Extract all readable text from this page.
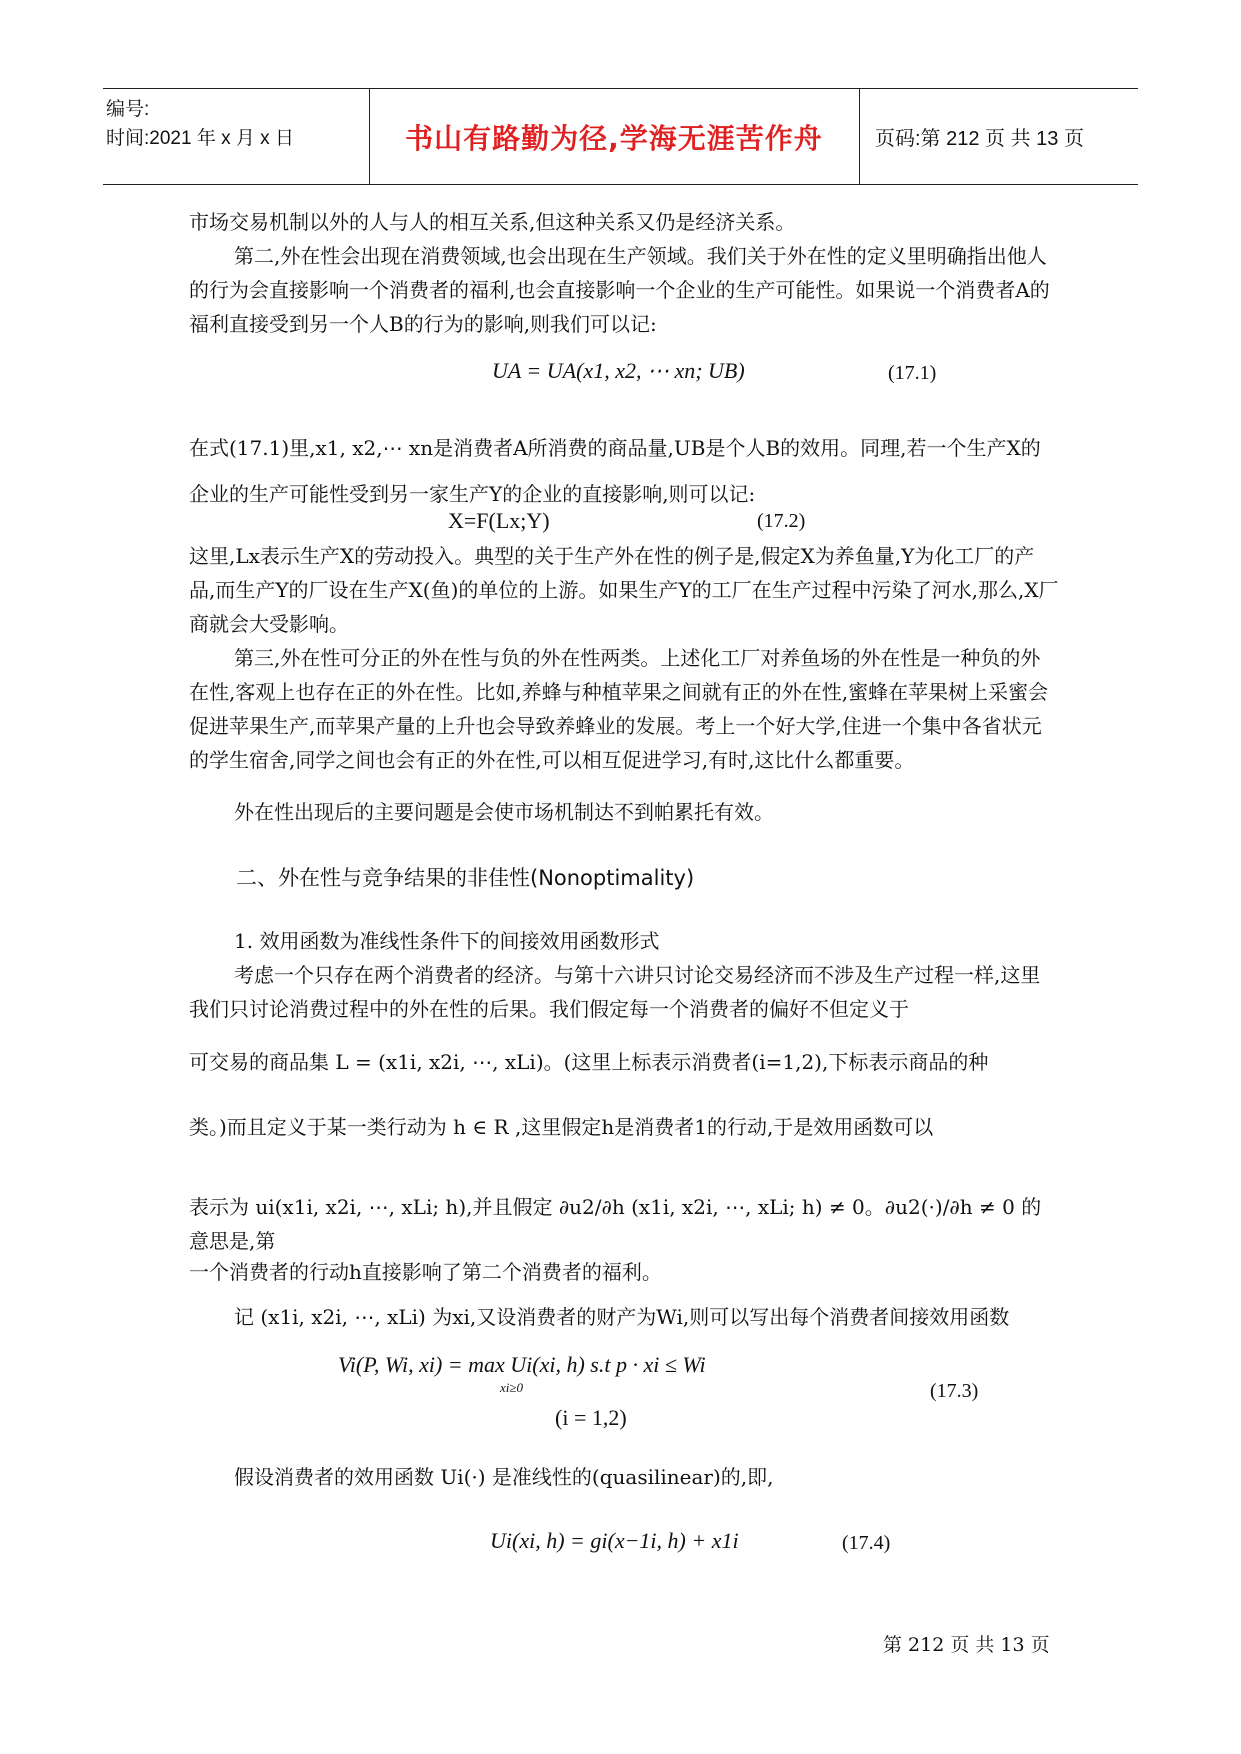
编号:
时间:2021 年 x 月 x 日	书山有路勤为径,学海无涯苦作舟	页码:第 212 页 共 13 页
市场交易机制以外的人与人的相互关系,但这种关系又仍是经济关系。
第二,外在性会出现在消费领域,也会出现在生产领域。我们关于外在性的定义里明确指出他人的行为会直接影响一个消费者的福利,也会直接影响一个企业的生产可能性。如果说一个消费者A的福利直接受到另一个人B的行为的影响,则我们可以记:
UA = UA(x1, x2, ⋯ xn; UB)	(17.1)
在式(17.1)里,x1, x2,⋯ xn是消费者A所消费的商品量,UB是个人B的效用。同理,若一个生产X的企业的生产可能性受到另一家生产Y的企业的直接影响,则可以记:
X=F(Lx;Y)	(17.2)
这里,Lx表示生产X的劳动投入。典型的关于生产外在性的例子是,假定X为养鱼量,Y为化工厂的产品,而生产Y的厂设在生产X(鱼)的单位的上游。如果生产Y的工厂在生产过程中污染了河水,那么,X厂商就会大受影响。
第三,外在性可分正的外在性与负的外在性两类。上述化工厂对养鱼场的外在性是一种负的外在性,客观上也存在正的外在性。比如,养蜂与种植苹果之间就有正的外在性,蜜蜂在苹果树上采蜜会促进苹果生产,而苹果产量的上升也会导致养蜂业的发展。考上一个好大学,住进一个集中各省状元的学生宿舍,同学之间也会有正的外在性,可以相互促进学习,有时,这比什么都重要。
外在性出现后的主要问题是会使市场机制达不到帕累托有效。
二、外在性与竞争结果的非佳性(Nonoptimality)
1. 效用函数为准线性条件下的间接效用函数形式
考虑一个只存在两个消费者的经济。与第十六讲只讨论交易经济而不涉及生产过程一样,这里我们只讨论消费过程中的外在性的后果。我们假定每一个消费者的偏好不但定义于
可交易的商品集 L = (x1i, x2i, ⋯, xLi)。(这里上标表示消费者(i=1,2),下标表示商品的种
类。)而且定义于某一类行动为 h ∈ R ,这里假定h是消费者1的行动,于是效用函数可以
表示为 ui(x1i, x2i, ⋯, xLi; h),并且假定 ∂u2/∂h (x1i, x2i, ⋯, xLi; h) ≠ 0。∂u2(·)/∂h ≠ 0 的意思是,第
一个消费者的行动h直接影响了第二个消费者的福利。
记 (x1i, x2i, ⋯, xLi) 为xi,又设消费者的财产为Wi,则可以写出每个消费者间接效用函数
Vi(P, Wi, xi) = max Ui(xi, h) s.t p · xi ≤ Wi
xi≥0
(i = 1,2)
(17.3)
假设消费者的效用函数 Ui(·) 是准线性的(quasilinear)的,即,
Ui(xi, h) = gi(x−1i, h) + x1i	(17.4)
第 212 页 共 13 页
